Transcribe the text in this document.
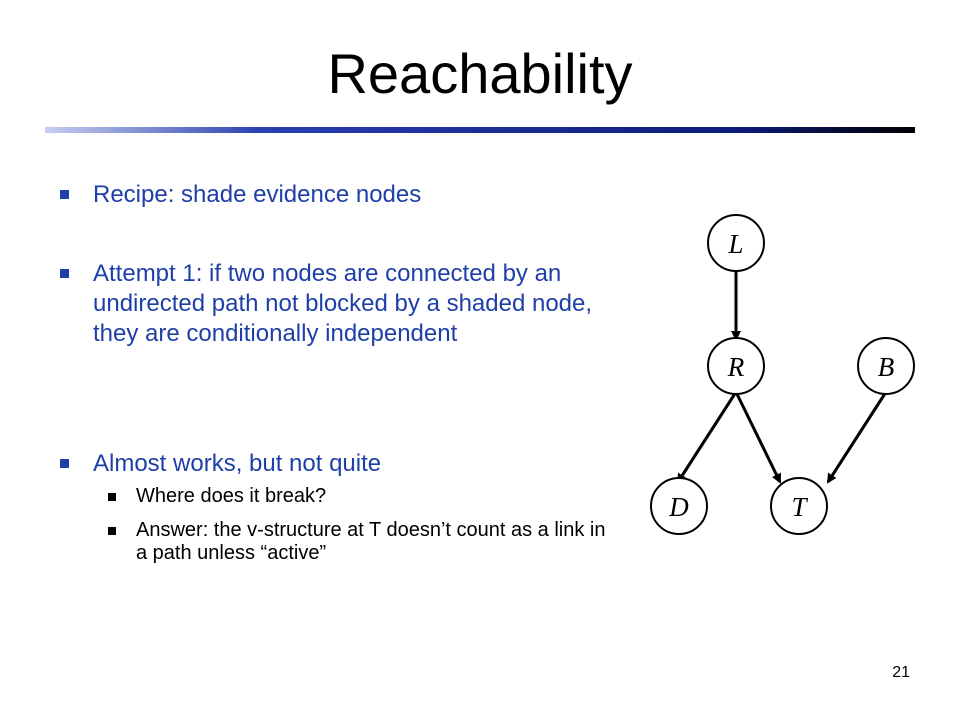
Reachability
Recipe: shade evidence nodes
Attempt 1: if two nodes are connected by an undirected path not blocked by a shaded node, they are conditionally independent
Almost works, but not quite
Where does it break?
Answer: the v-structure at T doesn’t count as a link in a path unless “active”
L
R	B
D	T
21
